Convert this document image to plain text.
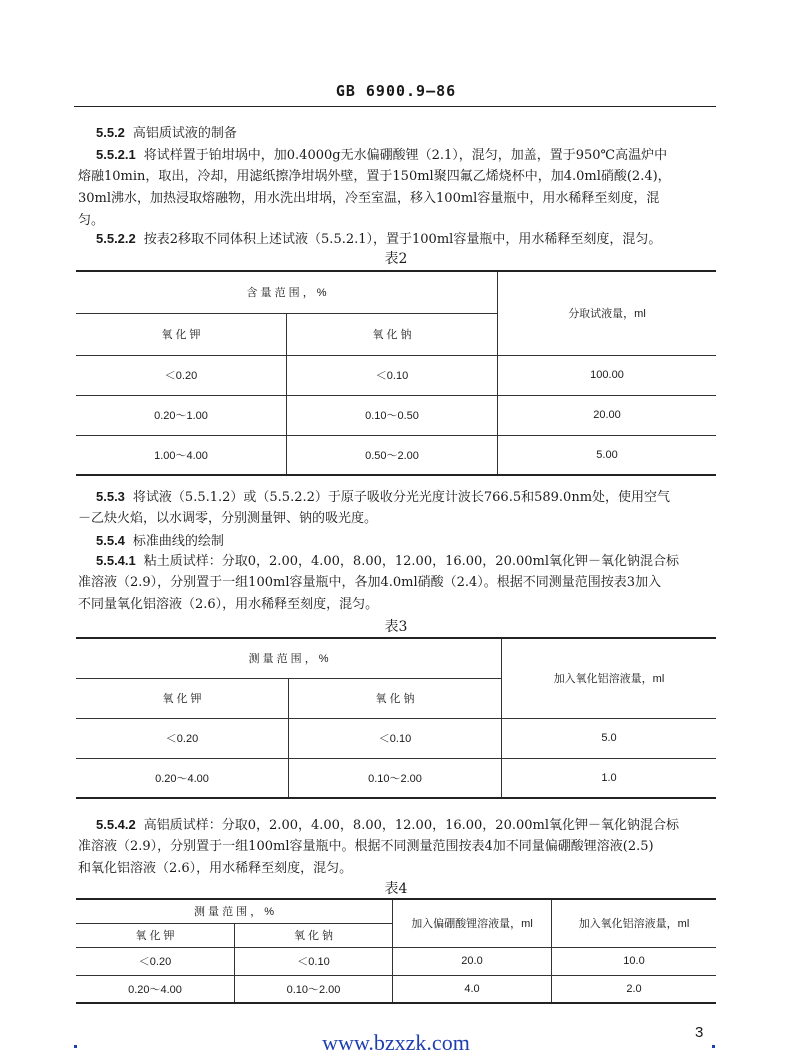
GB 6900.9—86
5.5.2 高铝质试液的制备
5.5.2.1 将试样置于铂坩埚中，加0.4000g无水偏硼酸锂（2.1），混匀，加盖，置于950℃高温炉中
熔融10min，取出，冷却，用滤纸擦净坩埚外壁，置于150ml聚四氟乙烯烧杯中，加4.0ml硝酸(2.4)，
30ml沸水，加热浸取熔融物，用水洗出坩埚，冷至室温，移入100ml容量瓶中，用水稀释至刻度，混
匀。
5.5.2.2 按表2移取不同体积上述试液（5.5.2.1），置于100ml容量瓶中，用水稀释至刻度，混匀。
表2
含 量 范 围 ， %		分取试液量，ml
氧 化 钾	氧 化 钠	
＜0.20	＜0.10	100.00
0.20～1.00	0.10～0.50	20.00
1.00～4.00	0.50～2.00	5.00
5.5.3 将试液（5.5.1.2）或（5.5.2.2）于原子吸收分光光度计波长766.5和589.0nm处，使用空气
－乙炔火焰，以水调零，分别测量钾、钠的吸光度。
5.5.4 标准曲线的绘制
5.5.4.1 粘土质试样：分取0，2.00，4.00，8.00，12.00，16.00，20.00ml氧化钾－氧化钠混合标
准溶液（2.9），分别置于一组100ml容量瓶中，各加4.0ml硝酸（2.4）。根据不同测量范围按表3加入
不同量氧化铝溶液（2.6），用水稀释至刻度，混匀。
表3
测 量 范 围 ， %		加入氧化铝溶液量，ml
氧 化 钾	氧 化 钠	
＜0.20	＜0.10	5.0
0.20～4.00	0.10～2.00	1.0
5.5.4.2 高铝质试样：分取0，2.00，4.00，8.00，12.00，16.00，20.00ml氧化钾－氧化钠混合标
准溶液（2.9），分别置于一组100ml容量瓶中。根据不同测量范围按表4加不同量偏硼酸锂溶液(2.5)
和氧化铝溶液（2.6），用水稀释至刻度，混匀。
表4
测 量 范 围 ， %		加入偏硼酸锂溶液量，ml	加入氧化铝溶液量，ml
氧 化 钾	氧 化 钠		
＜0.20	＜0.10	20.0	10.0
0.20～4.00	0.10～2.00	4.0	2.0
www.bzxzk.com	3
